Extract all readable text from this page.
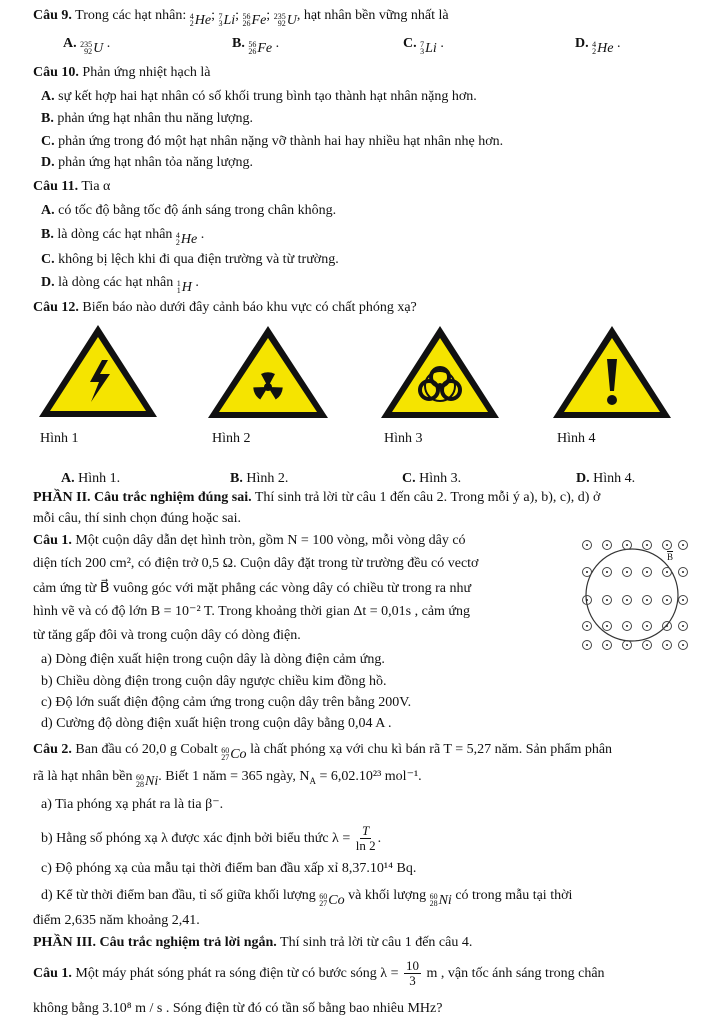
Câu 9. Trong các hạt nhân: 4
2 He ; 7
3 Li ; 56
26 Fe ; 235
92 U , hạt nhân bền vững nhất là
A. 235
92 U .	B. 56
26 Fe .	C. 7
3 Li .	D. 4
2 He .
Câu 10. Phản ứng nhiệt hạch là
A. sự kết hợp hai hạt nhân có số khối trung bình tạo thành hạt nhân nặng hơn.
B. phản ứng hạt nhân thu năng lượng.
C. phản ứng trong đó một hạt nhân nặng vỡ thành hai hay nhiều hạt nhân nhẹ hơn.
D. phản ứng hạt nhân tỏa năng lượng.
Câu 11. Tia α
A. có tốc độ bằng tốc độ ánh sáng trong chân không.
B. là dòng các hạt nhân 4
2 He .
C. không bị lệch khi đi qua điện trường và từ trường.
D. là dòng các hạt nhân 1
1 H .
Câu 12. Biển báo nào dưới đây cảnh báo khu vực có chất phóng xạ?
Hình 1	Hình 2	Hình 3	Hình 4
A. Hình 1.	B. Hình 2.	C. Hình 3.	D. Hình 4.
PHẦN II. Câu trắc nghiệm đúng sai. Thí sinh trả lời từ câu 1 đến câu 2. Trong mỗi ý a), b), c), d) ở
mỗi câu, thí sinh chọn đúng hoặc sai.
Câu 1. Một cuộn dây dẫn dẹt hình tròn, gồm N = 100 vòng, mỗi vòng dây có
diện tích 200 cm², có điện trở 0,5 Ω. Cuộn dây đặt trong từ trường đều có vectơ
cảm ứng từ B⃗ vuông góc với mặt phẳng các vòng dây có chiều từ trong ra như
hình vẽ và có độ lớn B = 10⁻² T. Trong khoảng thời gian Δt = 0,01s , cảm ứng
từ tăng gấp đôi và trong cuộn dây có dòng điện.
$\overline{B}$
a) Dòng điện xuất hiện trong cuộn dây là dòng điện cảm ứng.
b) Chiều dòng điện trong cuộn dây ngược chiều kim đồng hồ.
c) Độ lớn suất điện động cảm ứng trong cuộn dây trên bằng 200V.
d) Cường độ dòng điện xuất hiện trong cuộn dây bằng 0,04 A .
Câu 2. Ban đầu có 20,0 g Cobalt 60
27 Co là chất phóng xạ với chu kì bán rã T = 5,27 năm. Sản phẩm phân
rã là hạt nhân bền 60
28 Ni . Biết 1 năm = 365 ngày, $N_A = 6,02.10^{23}$ mol⁻¹.
a) Tia phóng xạ phát ra là tia β⁻.
b) Hằng số phóng xạ λ được xác định bởi biểu thức $\lambda = \frac{T}{\ln 2}$ .
c) Độ phóng xạ của mẫu tại thời điểm ban đầu xấp xỉ 8,37.10¹⁴ Bq.
d) Kể từ thời điểm ban đầu, tỉ số giữa khối lượng 60
27 Co và khối lượng 60
28 Ni có trong mẫu tại thời
điểm 2,635 năm khoảng 2,41.
PHẦN III. Câu trắc nghiệm trả lời ngắn. Thí sinh trả lời từ câu 1 đến câu 4.
Câu 1. Một máy phát sóng phát ra sóng điện từ có bước sóng $\lambda = \frac{10}{3}$ m , vận tốc ánh sáng trong chân
không bằng 3.10⁸ m / s . Sóng điện từ đó có tần số bằng bao nhiêu MHz?
